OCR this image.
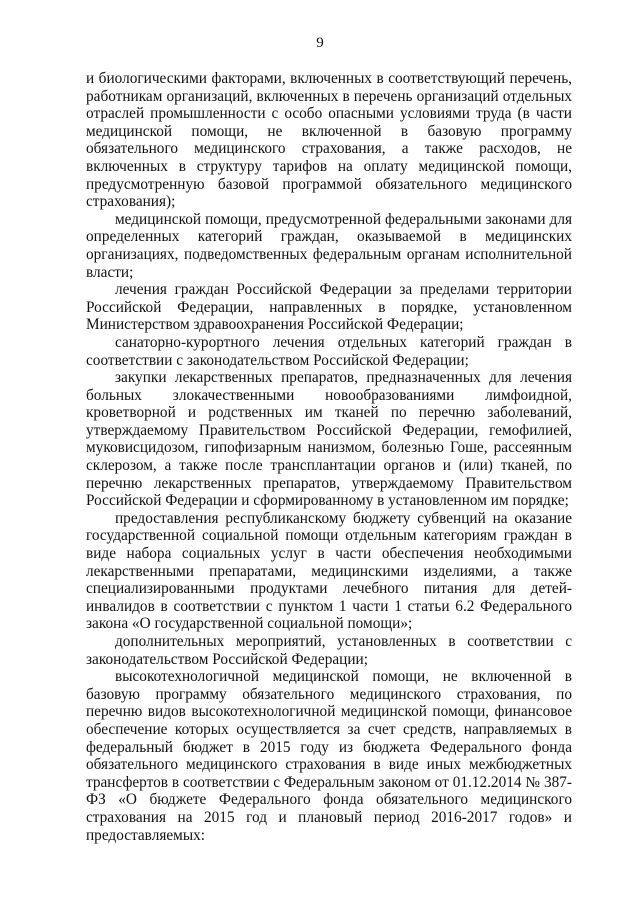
9

и биологическими факторами, включенных в соответствующий перечень, работникам организаций, включенных в перечень организаций отдельных отраслей промышленности с особо опасными условиями труда (в части медицинской помощи, не включенной в базовую программу обязательного медицинского страхования, а также расходов, не включенных в структуру тарифов на оплату медицинской помощи, предусмотренную базовой программой обязательного медицинского страхования);

медицинской помощи, предусмотренной федеральными законами для определенных категорий граждан, оказываемой в медицинских организациях, подведомственных федеральным органам исполнительной власти;

лечения граждан Российской Федерации за пределами территории Российской Федерации, направленных в порядке, установленном Министерством здравоохранения Российской Федерации;

санаторно-курортного лечения отдельных категорий граждан в соответствии с законодательством Российской Федерации;

закупки лекарственных препаратов, предназначенных для лечения больных злокачественными новообразованиями лимфоидной, кроветворной и родственных им тканей по перечню заболеваний, утверждаемому Правительством Российской Федерации, гемофилией, муковисцидозом, гипофизарным нанизмом, болезнью Гоше, рассеянным склерозом, а также после трансплантации органов и (или) тканей, по перечню лекарственных препаратов, утверждаемому Правительством Российской Федерации и сформированному в установленном им порядке;

предоставления республиканскому бюджету субвенций на оказание государственной социальной помощи отдельным категориям граждан в виде набора социальных услуг в части обеспечения необходимыми лекарственными препаратами, медицинскими изделиями, а также специализированными продуктами лечебного питания для детей-инвалидов в соответствии с пунктом 1 части 1 статьи 6.2 Федерального закона «О государственной социальной помощи»;

дополнительных мероприятий, установленных в соответствии с законодательством Российской Федерации;

высокотехнологичной медицинской помощи, не включенной в базовую программу обязательного медицинского страхования, по перечню видов высокотехнологичной медицинской помощи, финансовое обеспечение которых осуществляется за счет средств, направляемых в федеральный бюджет в 2015 году из бюджета Федерального фонда обязательного медицинского страхования в виде иных межбюджетных трансфертов в соответствии с Федеральным законом от 01.12.2014 № 387-ФЗ «О бюджете Федерального фонда обязательного медицинского страхования на 2015 год и плановый период 2016-2017 годов» и предоставляемых:
